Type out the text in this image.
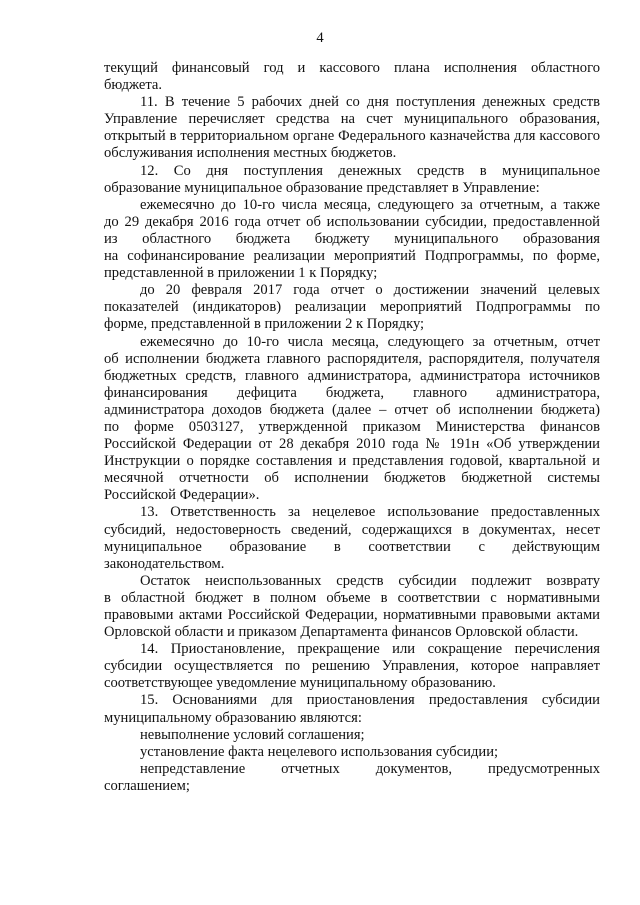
4
текущий финансовый год и кассового плана исполнения областного
бюджета.
11. В течение 5 рабочих дней со дня поступления денежных средств
Управление перечисляет средства на счет муниципального образования,
открытый в территориальном органе Федерального казначейства для кассового
обслуживания исполнения местных бюджетов.
12. Со дня поступления денежных средств в муниципальное
образование муниципальное образование представляет в Управление:
ежемесячно до 10-го числа месяца, следующего за отчетным, а также
до 29 декабря 2016 года отчет об использовании субсидии, предоставленной
из областного бюджета бюджету муниципального образования
на софинансирование реализации мероприятий Подпрограммы, по форме,
представленной в приложении 1 к Порядку;
до 20 февраля 2017 года отчет о достижении значений целевых
показателей (индикаторов) реализации мероприятий Подпрограммы по
форме, представленной в приложении 2 к Порядку;
ежемесячно до 10-го числа месяца, следующего за отчетным, отчет
об исполнении бюджета главного распорядителя, распорядителя, получателя
бюджетных средств, главного администратора, администратора источников
финансирования дефицита бюджета, главного администратора,
администратора доходов бюджета (далее – отчет об исполнении бюджета)
по форме 0503127, утвержденной приказом Министерства финансов
Российской Федерации от 28 декабря 2010 года № 191н «Об утверждении
Инструкции о порядке составления и представления годовой, квартальной и
месячной отчетности об исполнении бюджетов бюджетной системы
Российской Федерации».
13. Ответственность за нецелевое использование предоставленных
субсидий, недостоверность сведений, содержащихся в документах, несет
муниципальное образование в соответствии с действующим
законодательством.
Остаток неиспользованных средств субсидии подлежит возврату
в областной бюджет в полном объеме в соответствии с нормативными
правовыми актами Российской Федерации, нормативными правовыми актами
Орловской области и приказом Департамента финансов Орловской области.
14. Приостановление, прекращение или сокращение перечисления
субсидии осуществляется по решению Управления, которое направляет
соответствующее уведомление муниципальному образованию.
15. Основаниями для приостановления предоставления субсидии
муниципальному образованию являются:
невыполнение условий соглашения;
установление факта нецелевого использования субсидии;
непредставление отчетных документов, предусмотренных
соглашением;
